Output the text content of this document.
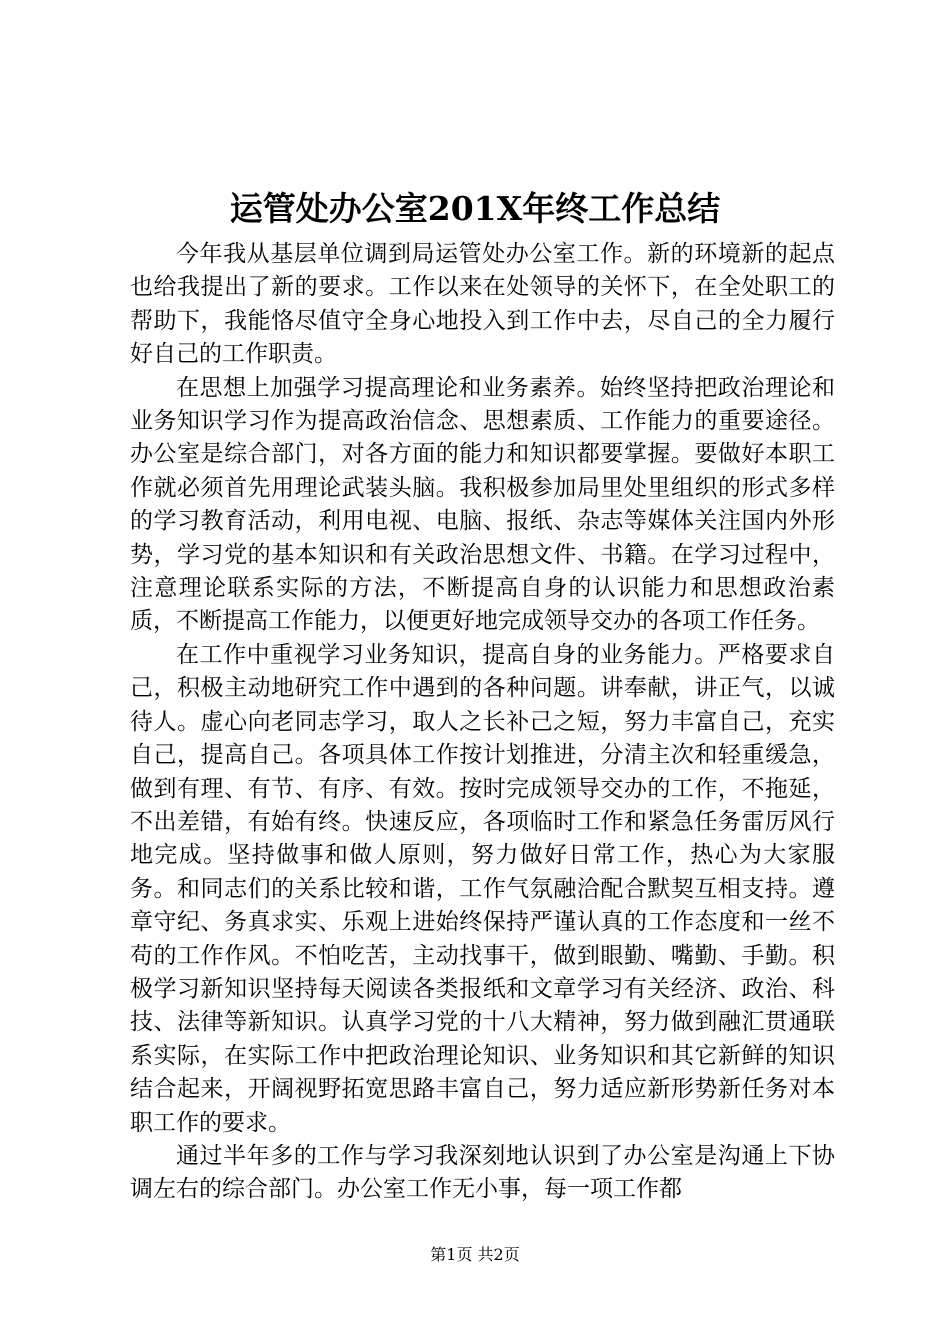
运管处办公室201X年终工作总结

今年我从基层单位调到局运管处办公室工作。新的环境新的起点也给我提出了新的要求。工作以来在处领导的关怀下，在全处职工的帮助下，我能恪尽值守全身心地投入到工作中去，尽自己的全力履行好自己的工作职责。

在思想上加强学习提高理论和业务素养。始终坚持把政治理论和业务知识学习作为提高政治信念、思想素质、工作能力的重要途径。办公室是综合部门，对各方面的能力和知识都要掌握。要做好本职工作就必须首先用理论武装头脑。我积极参加局里处里组织的形式多样的学习教育活动，利用电视、电脑、报纸、杂志等媒体关注国内外形势，学习党的基本知识和有关政治思想文件、书籍。在学习过程中，注意理论联系实际的方法，不断提高自身的认识能力和思想政治素质，不断提高工作能力，以便更好地完成领导交办的各项工作任务。

在工作中重视学习业务知识，提高自身的业务能力。严格要求自己，积极主动地研究工作中遇到的各种问题。讲奉献，讲正气，以诚待人。虚心向老同志学习，取人之长补己之短，努力丰富自己，充实自己，提高自己。各项具体工作按计划推进，分清主次和轻重缓急，做到有理、有节、有序、有效。按时完成领导交办的工作，不拖延，不出差错，有始有终。快速反应，各项临时工作和紧急任务雷厉风行地完成。坚持做事和做人原则，努力做好日常工作，热心为大家服务。和同志们的关系比较和谐，工作气氛融洽配合默契互相支持。遵章守纪、务真求实、乐观上进始终保持严谨认真的工作态度和一丝不苟的工作作风。不怕吃苦，主动找事干，做到眼勤、嘴勤、手勤。积极学习新知识坚持每天阅读各类报纸和文章学习有关经济、政治、科技、法律等新知识。认真学习党的十八大精神，努力做到融汇贯通联系实际，在实际工作中把政治理论知识、业务知识和其它新鲜的知识结合起来，开阔视野拓宽思路丰富自己，努力适应新形势新任务对本职工作的要求。

通过半年多的工作与学习我深刻地认识到了办公室是沟通上下协调左右的综合部门。办公室工作无小事，每一项工作都

第1页 共2页
